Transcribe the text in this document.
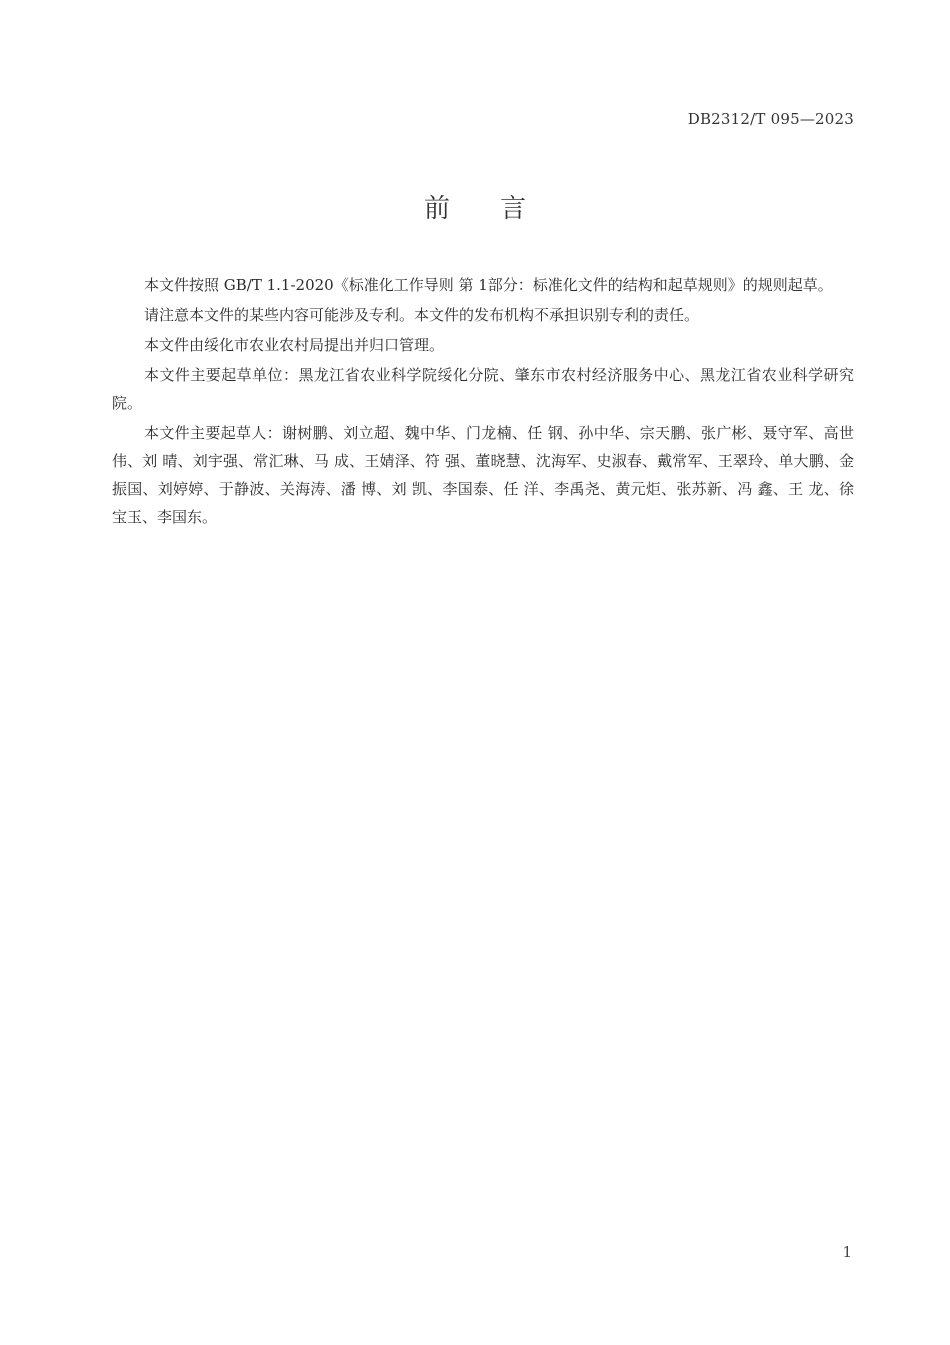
DB2312/T 095—2023
前言

本文件按照 GB/T 1.1-2020《标准化工作导则 第 1部分：标准化文件的结构和起草规则》的规则起草。

请注意本文件的某些内容可能涉及专利。本文件的发布机构不承担识别专利的责任。

本文件由绥化市农业农村局提出并归口管理。

本文件主要起草单位：黑龙江省农业科学院绥化分院、肇东市农村经济服务中心、黑龙江省农业科学研究院。

本文件主要起草人：谢树鹏、刘立超、魏中华、门龙楠、任 钢、孙中华、宗天鹏、张广彬、聂守军、高世伟、刘 晴、刘宇强、常汇琳、马 成、王婧泽、符 强、董晓慧、沈海军、史淑春、戴常军、王翠玲、单大鹏、金振国、刘婷婷、于静波、关海涛、潘 博、刘 凯、李国泰、任 洋、李禹尧、黄元炬、张苏新、冯 鑫、王 龙、徐宝玉、李国东。

1
